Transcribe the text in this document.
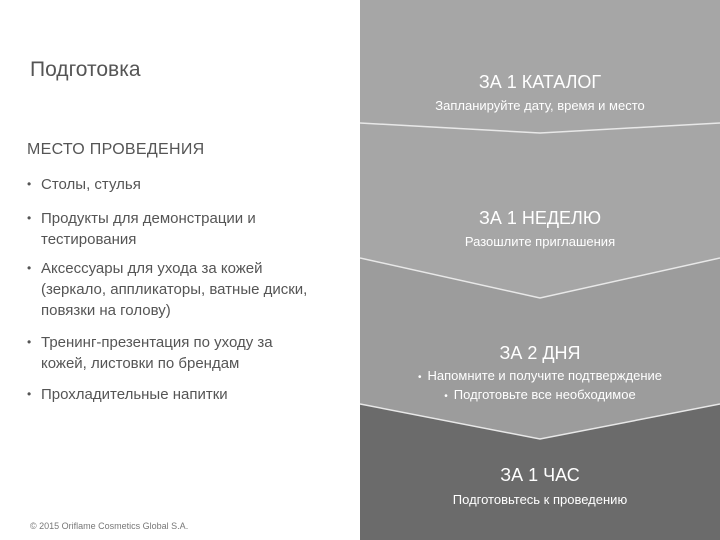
Подготовка
МЕСТО ПРОВЕДЕНИЯ
• Столы, стулья
• Продукты для демонстрации и тестирования
• Аксессуары для ухода за кожей (зеркало, аппликаторы, ватные диски, повязки на голову)
• Тренинг-презентация по уходу за кожей, листовки по брендам
• Прохладительные напитки
© 2015 Oriflame Cosmetics Global S.A.
ЗА 1 КАТАЛОГ
Запланируйте дату, время и место
ЗА 1 НЕДЕЛЮ
Разошлите приглашения
ЗА 2 ДНЯ
• Напомните и получите подтверждение
• Подготовьте все необходимое
ЗА 1 ЧАС
Подготовьтесь к проведению
